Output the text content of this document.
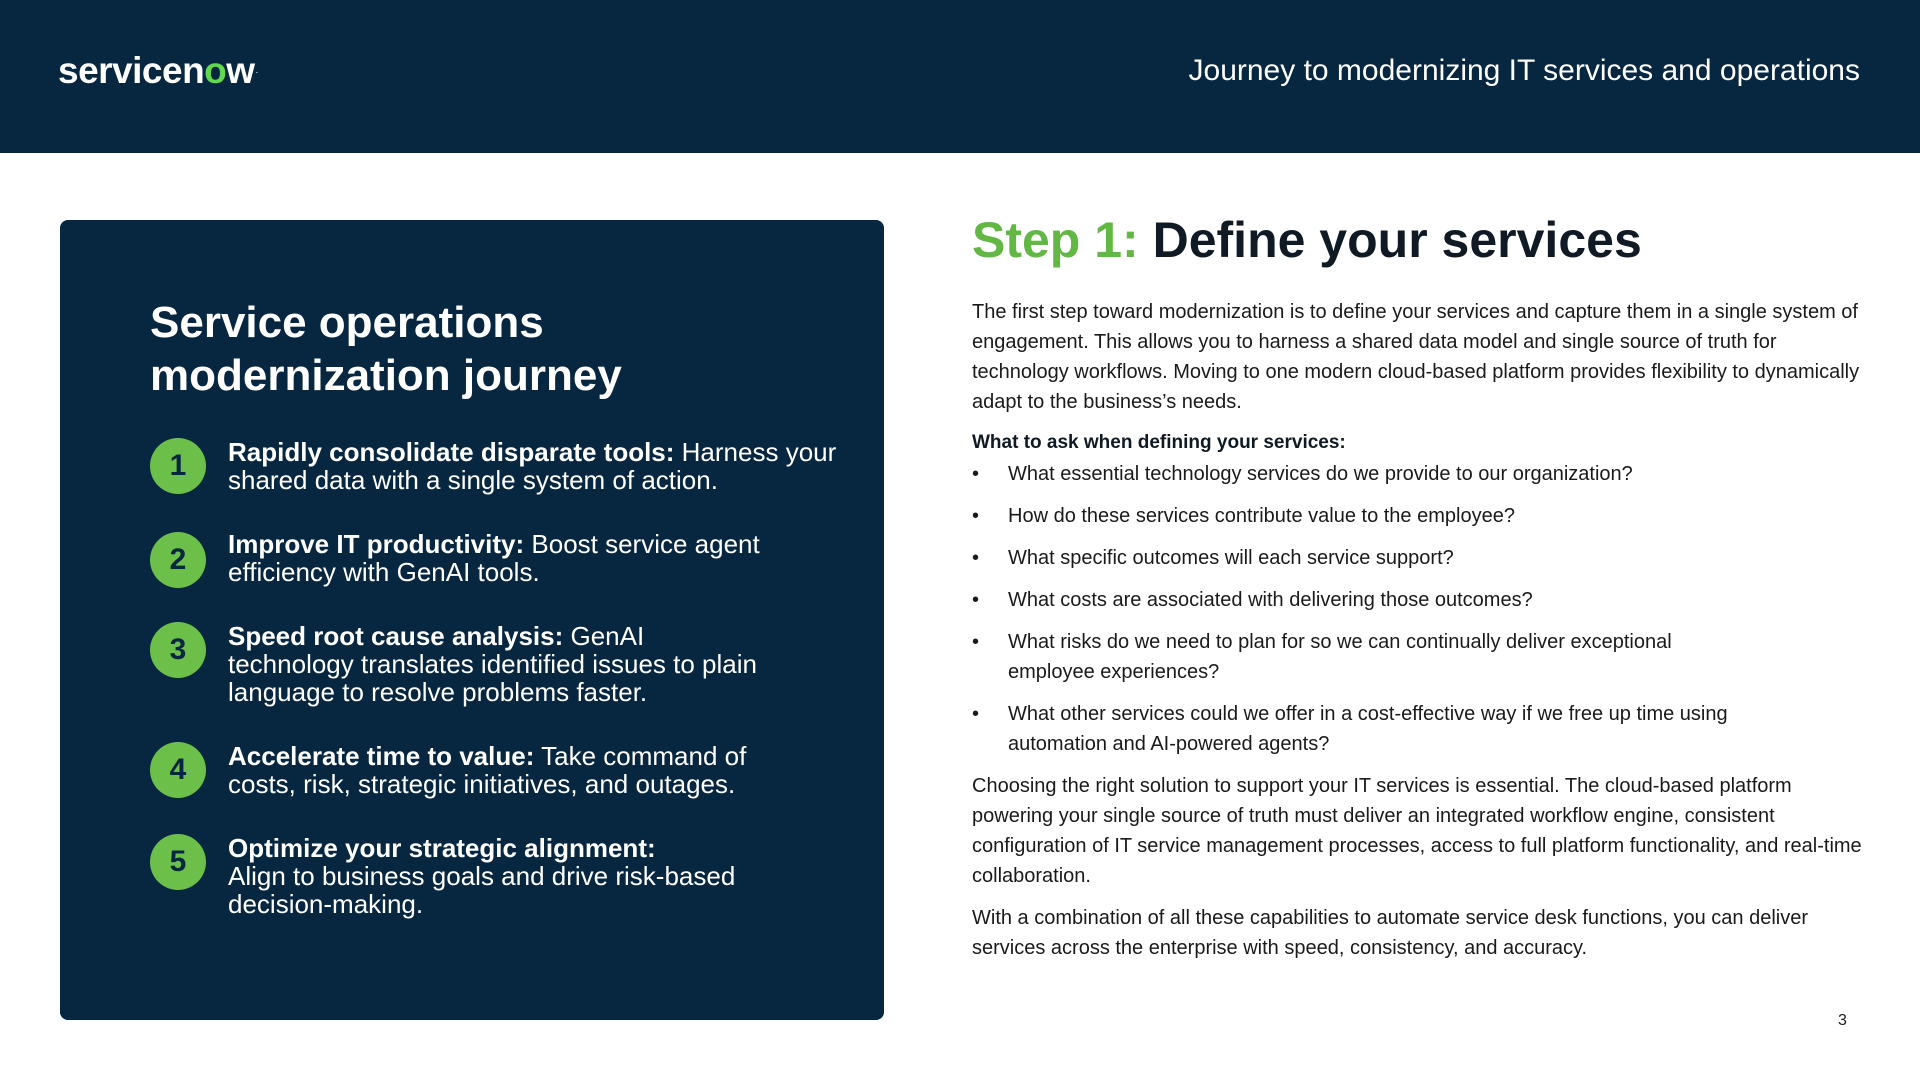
servicenow.	Journey to modernizing IT services and operations
Service operations modernization journey
1	Rapidly consolidate disparate tools: Harness your shared data with a single system of action.
2	Improve IT productivity: Boost service agent efficiency with GenAI tools.
3	Speed root cause analysis: GenAI technology translates identified issues to plain language to resolve problems faster.
4	Accelerate time to value: Take command of costs, risk, strategic initiatives, and outages.
5	Optimize your strategic alignment:
Align to business goals and drive risk-based decision-making.
Step 1: Define your services

The first step toward modernization is to define your services and capture them in a single system of engagement. This allows you to harness a shared data model and single source of truth for technology workflows. Moving to one modern cloud-based platform provides flexibility to dynamically adapt to the business’s needs.

What to ask when defining your services:

• What essential technology services do we provide to our organization?
• How do these services contribute value to the employee?
• What specific outcomes will each service support?
• What costs are associated with delivering those outcomes?
• What risks do we need to plan for so we can continually deliver exceptional employee experiences?
• What other services could we offer in a cost-effective way if we free up time using automation and AI-powered agents?

Choosing the right solution to support your IT services is essential. The cloud-based platform powering your single source of truth must deliver an integrated workflow engine, consistent configuration of IT service management processes, access to full platform functionality, and real-time collaboration.

With a combination of all these capabilities to automate service desk functions, you can deliver services across the enterprise with speed, consistency, and accuracy.

3
